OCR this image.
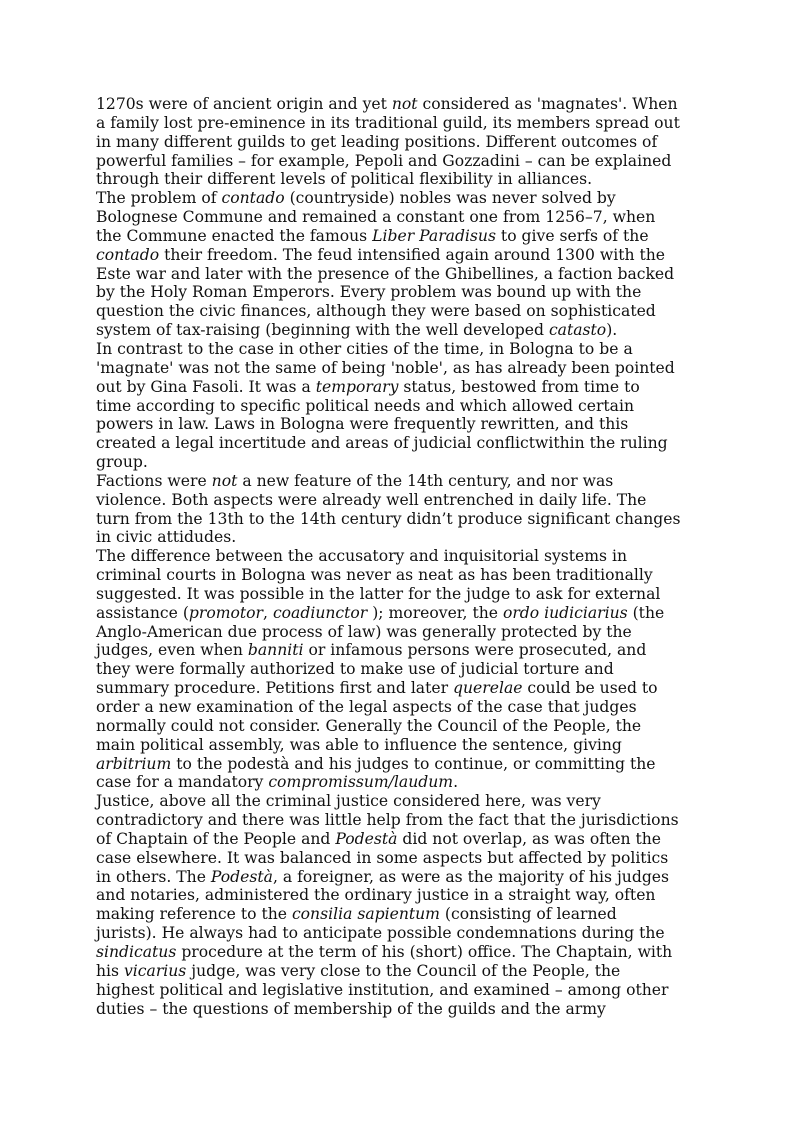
1270s were of ancient origin and yet not considered as 'magnates'. When
a family lost pre-eminence in its traditional guild, its members spread out
in many different guilds to get leading positions. Different outcomes of
powerful families – for example, Pepoli and Gozzadini – can be explained
through their different levels of political flexibility in alliances.
The problem of contado (countryside) nobles was never solved by
Bolognese Commune and remained a constant one from 1256–7, when
the Commune enacted the famous Liber Paradisus to give serfs of the
contado their freedom. The feud intensified again around 1300 with the
Este war and later with the presence of the Ghibellines, a faction backed
by the Holy Roman Emperors. Every problem was bound up with the
question the civic finances, although they were based on sophisticated
system of tax-raising (beginning with the well developed catasto).
In contrast to the case in other cities of the time, in Bologna to be a
'magnate' was not the same of being 'noble', as has already been pointed
out by Gina Fasoli. It was a temporary status, bestowed from time to
time according to specific political needs and which allowed certain
powers in law. Laws in Bologna were frequently rewritten, and this
created a legal incertitude and areas of judicial conflictwithin the ruling
group.
Factions were not a new feature of the 14th century, and nor was
violence. Both aspects were already well entrenched in daily life. The
turn from the 13th to the 14th century didn’t produce significant changes
in civic attidudes.
The difference between the accusatory and inquisitorial systems in
criminal courts in Bologna was never as neat as has been traditionally
suggested. It was possible in the latter for the judge to ask for external
assistance (promotor, coadiunctor ); moreover, the ordo iudiciarius (the
Anglo-American due process of law) was generally protected by the
judges, even when banniti or infamous persons were prosecuted, and
they were formally authorized to make use of judicial torture and
summary procedure. Petitions first and later querelae could be used to
order a new examination of the legal aspects of the case that judges
normally could not consider. Generally the Council of the People, the
main political assembly, was able to influence the sentence, giving
arbitrium to the podestà and his judges to continue, or committing the
case for a mandatory compromissum/laudum.
Justice, above all the criminal justice considered here, was very
contradictory and there was little help from the fact that the jurisdictions
of Chaptain of the People and Podestà did not overlap, as was often the
case elsewhere. It was balanced in some aspects but affected by politics
in others. The Podestà, a foreigner, as were as the majority of his judges
and notaries, administered the ordinary justice in a straight way, often
making reference to the consilia sapientum (consisting of learned
jurists). He always had to anticipate possible condemnations during the
sindicatus procedure at the term of his (short) office. The Chaptain, with
his vicarius judge, was very close to the Council of the People, the
highest political and legislative institution, and examined – among other
duties – the questions of membership of the guilds and the army
